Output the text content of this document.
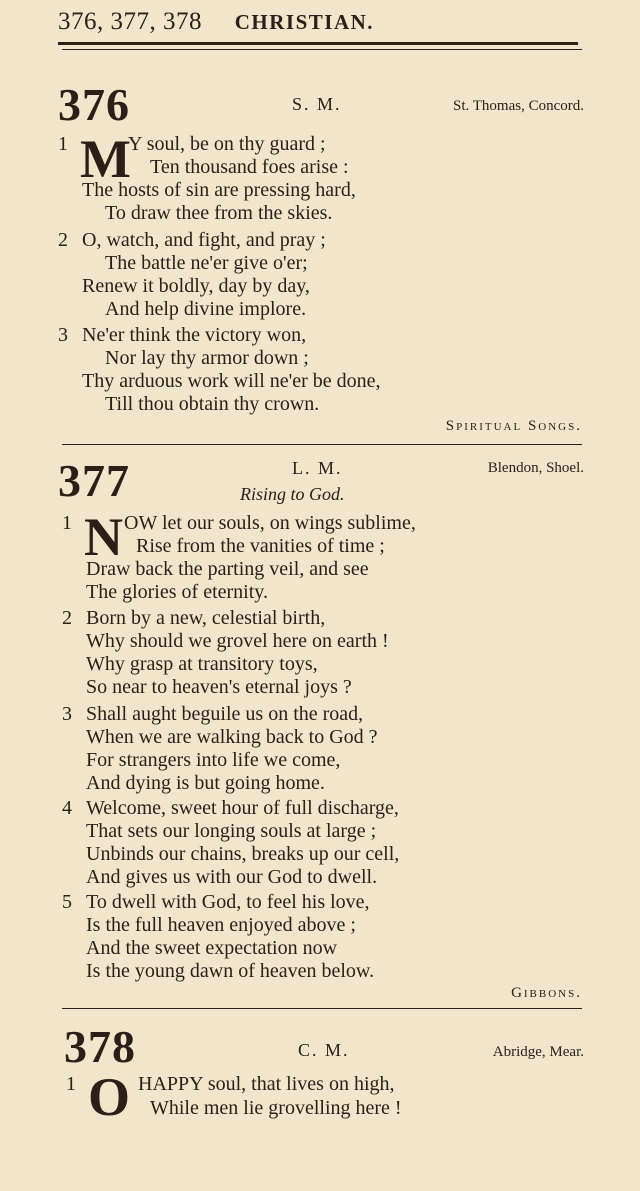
376, 377, 378 CHRISTIAN.
376	S. M.	St. Thomas, Concord.
1 M
Y soul, be on thy guard ;
Ten thousand foes arise :
The hosts of sin are pressing hard,
To draw thee from the skies.
2 O, watch, and fight, and pray ;
The battle ne'er give o'er;
Renew it boldly, day by day,
And help divine implore.
3 Ne'er think the victory won,
Nor lay thy armor down ;
Thy arduous work will ne'er be done,
Till thou obtain thy crown.
Spiritual Songs.
377	L. M.	Blendon, Shoel.
Rising to God.
1 N OW let our souls, on wings sublime,
Rise from the vanities of time ;
Draw back the parting veil, and see
The glories of eternity.
2 Born by a new, celestial birth,
Why should we grovel here on earth !
Why grasp at transitory toys,
So near to heaven's eternal joys ?
3 Shall aught beguile us on the road,
When we are walking back to God ?
For strangers into life we come,
And dying is but going home.
4 Welcome, sweet hour of full discharge,
That sets our longing souls at large ;
Unbinds our chains, breaks up our cell,
And gives us with our God to dwell.
5 To dwell with God, to feel his love,
Is the full heaven enjoyed above ;
And the sweet expectation now
Is the young dawn of heaven below.
Gibbons.
378	C. M.	Abridge, Mear.
1 O HAPPY soul, that lives on high,
While men lie grovelling here !
